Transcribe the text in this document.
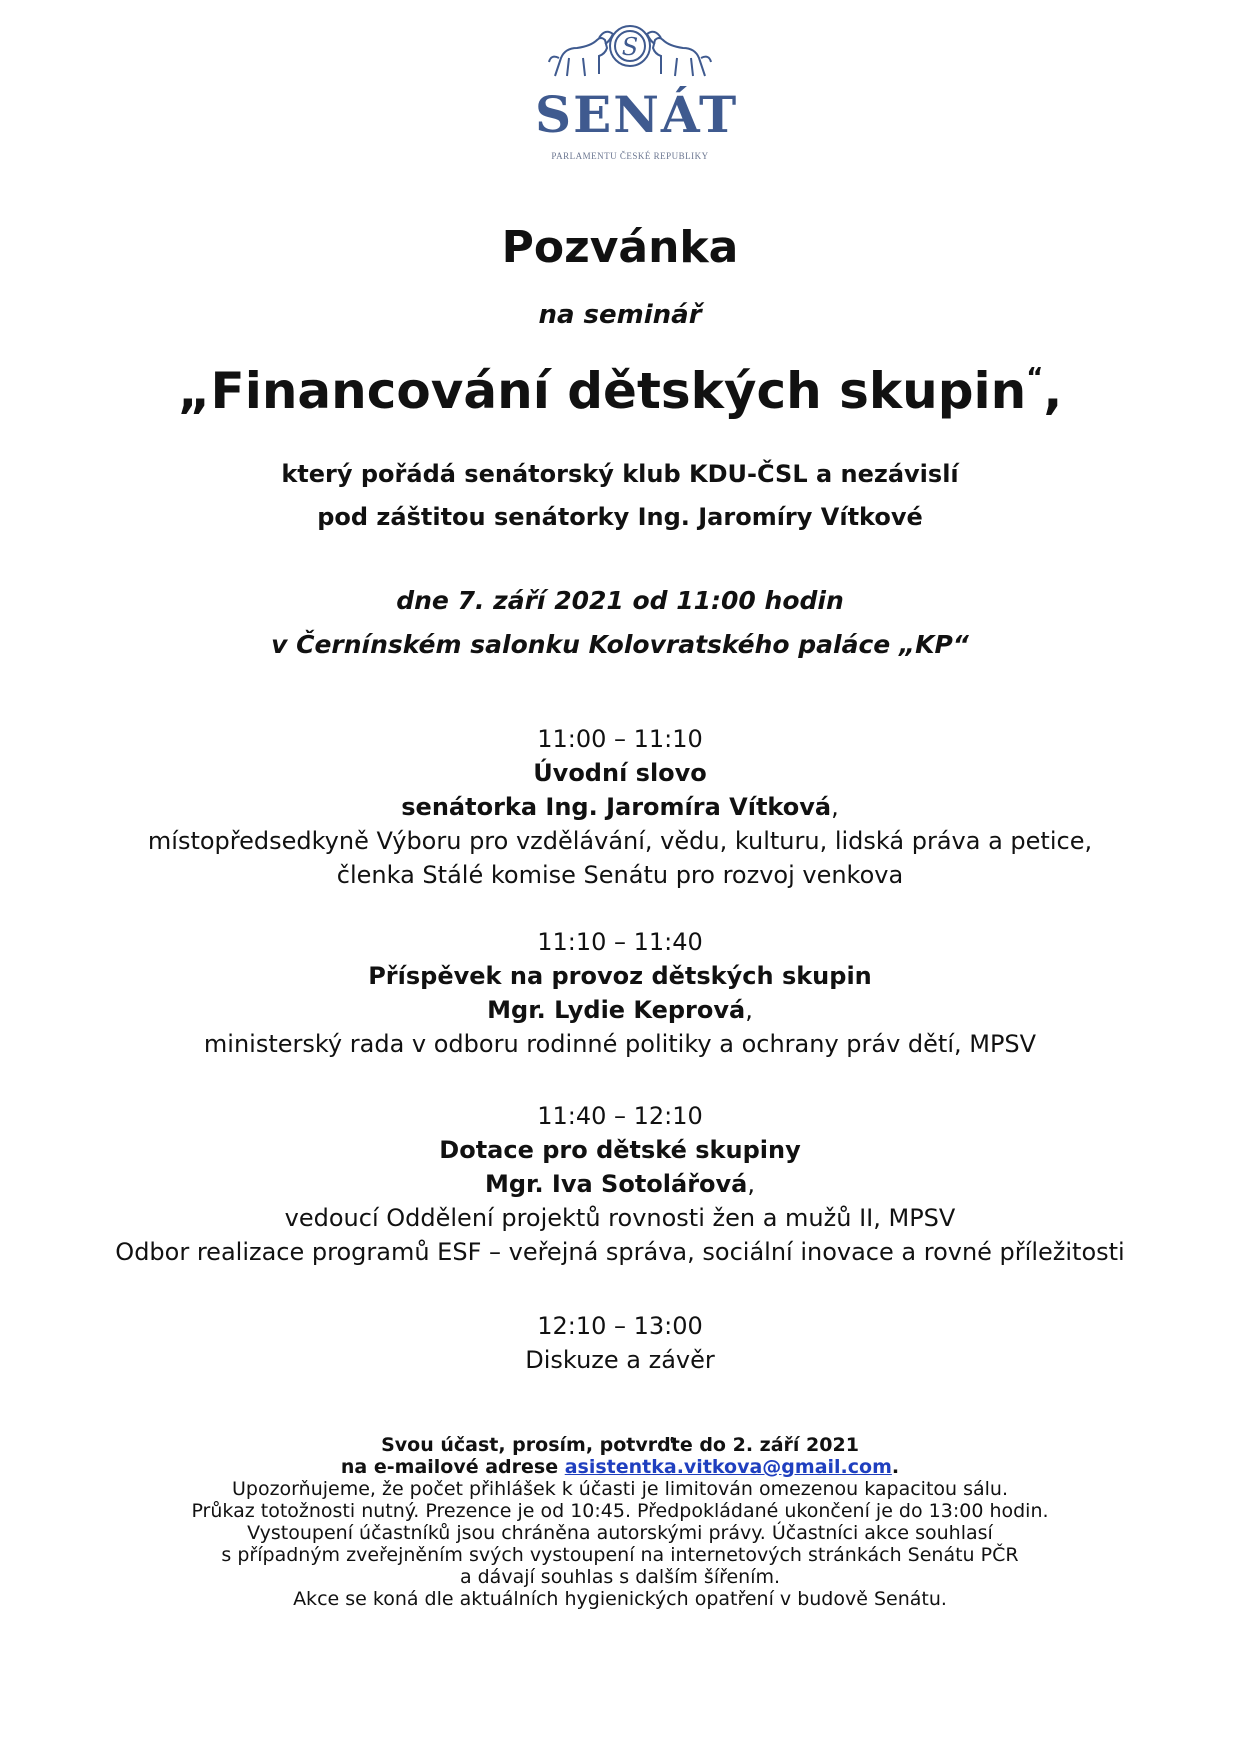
S
SENÁT
PARLAMENTU ČESKÉ REPUBLIKY
Pozvánka
na seminář
„Financování dětských skupin“,
který pořádá senátorský klub KDU-ČSL a nezávislí
pod záštitou senátorky Ing. Jaromíry Vítkové
dne 7. září 2021 od 11:00 hodin
v Černínském salonku Kolovratského paláce „KP“
11:00 – 11:10
Úvodní slovo
senátorka Ing. Jaromíra Vítková,
místopředsedkyně Výboru pro vzdělávání, vědu, kulturu, lidská práva a petice,
členka Stálé komise Senátu pro rozvoj venkova
11:10 – 11:40
Příspěvek na provoz dětských skupin
Mgr. Lydie Keprová,
ministerský rada v odboru rodinné politiky a ochrany práv dětí, MPSV
11:40 – 12:10
Dotace pro dětské skupiny
Mgr. Iva Sotolářová,
vedoucí Oddělení projektů rovnosti žen a mužů II, MPSV
Odbor realizace programů ESF – veřejná správa, sociální inovace a rovné příležitosti
12:10 – 13:00
Diskuze a závěr
Svou účast, prosím, potvrďte do 2. září 2021
na e-mailové adrese asistentka.vitkova@gmail.com.
Upozorňujeme, že počet přihlášek k účasti je limitován omezenou kapacitou sálu.
Průkaz totožnosti nutný. Prezence je od 10:45. Předpokládané ukončení je do 13:00 hodin.
Vystoupení účastníků jsou chráněna autorskými právy. Účastníci akce souhlasí
s případným zveřejněním svých vystoupení na internetových stránkách Senátu PČR
a dávají souhlas s dalším šířením.
Akce se koná dle aktuálních hygienických opatření v budově Senátu.
